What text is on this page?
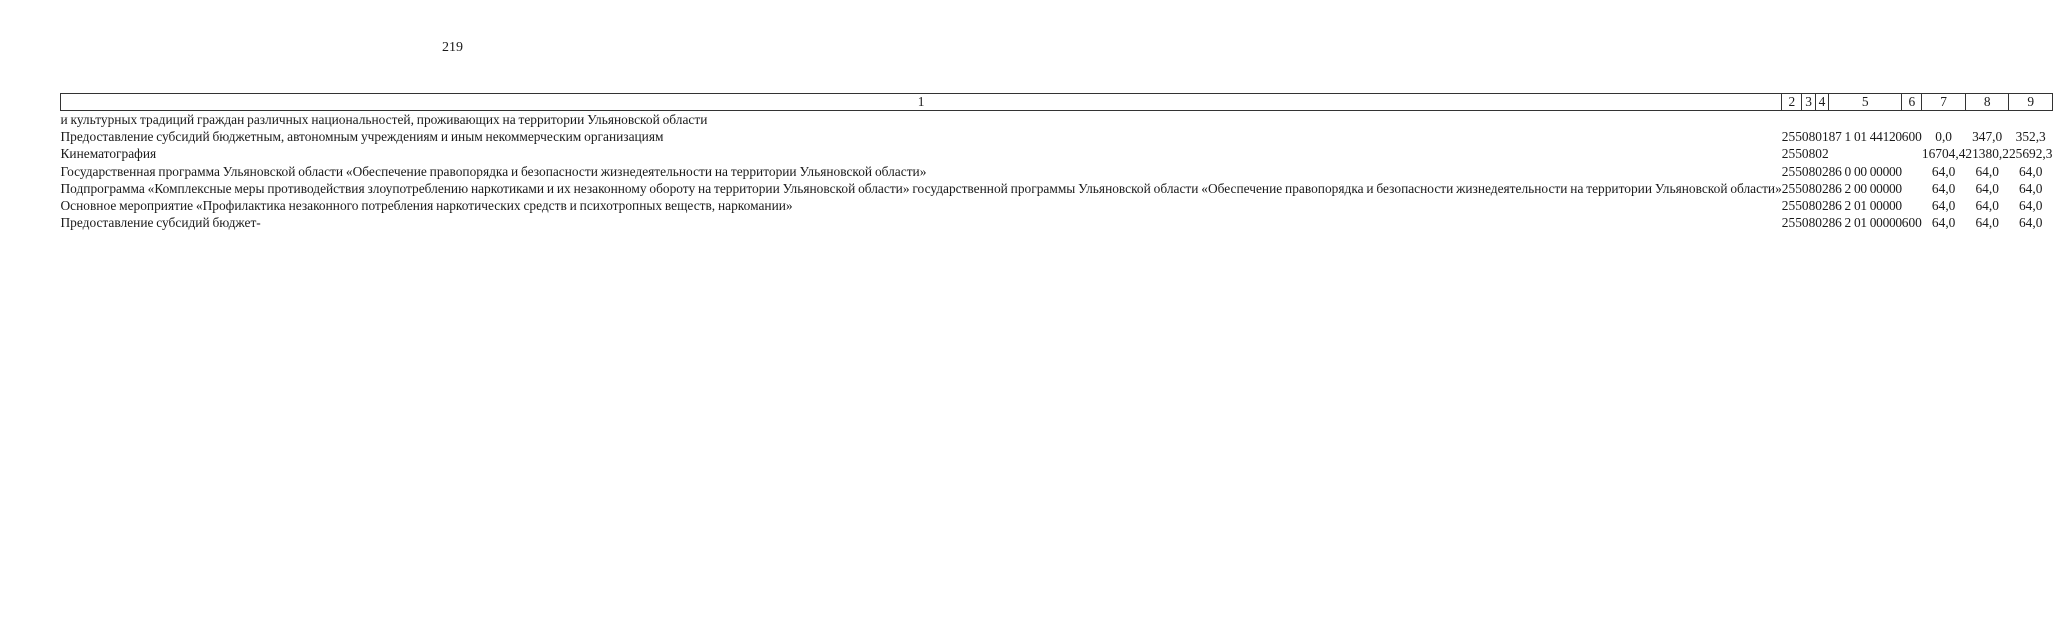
219
1	2	3	4	5	6	7	8	9
и культурных традиций граждан различных национальностей, проживающих на территории Ульяновской области								
Предоставление субсидий бюджетным, автономным учреждениям и иным некоммерческим организациям	255	08	01	87 1 01 44120	600	0,0	347,0	352,3
Кинематография	255	08	02			16704,4	21380,2	25692,3
Государственная программа Ульяновской области «Обеспечение правопорядка и безопасности жизнедеятельности на территории Ульяновской области»	255	08	02	86 0 00 00000		64,0	64,0	64,0
Подпрограмма «Комплексные меры противодействия злоупотреблению наркотиками и их незаконному обороту на территории Ульяновской области» государственной программы Ульяновской области «Обеспечение правопорядка и безопасности жизнедеятельности на территории Ульяновской области»	255	08	02	86 2 00 00000		64,0	64,0	64,0
Основное мероприятие «Профилактика незаконного потребления наркотических средств и психотропных веществ, наркомании»	255	08	02	86 2 01 00000		64,0	64,0	64,0
Предоставление субсидий бюджет-	255	08	02	86 2 01 00000	600	64,0	64,0	64,0
